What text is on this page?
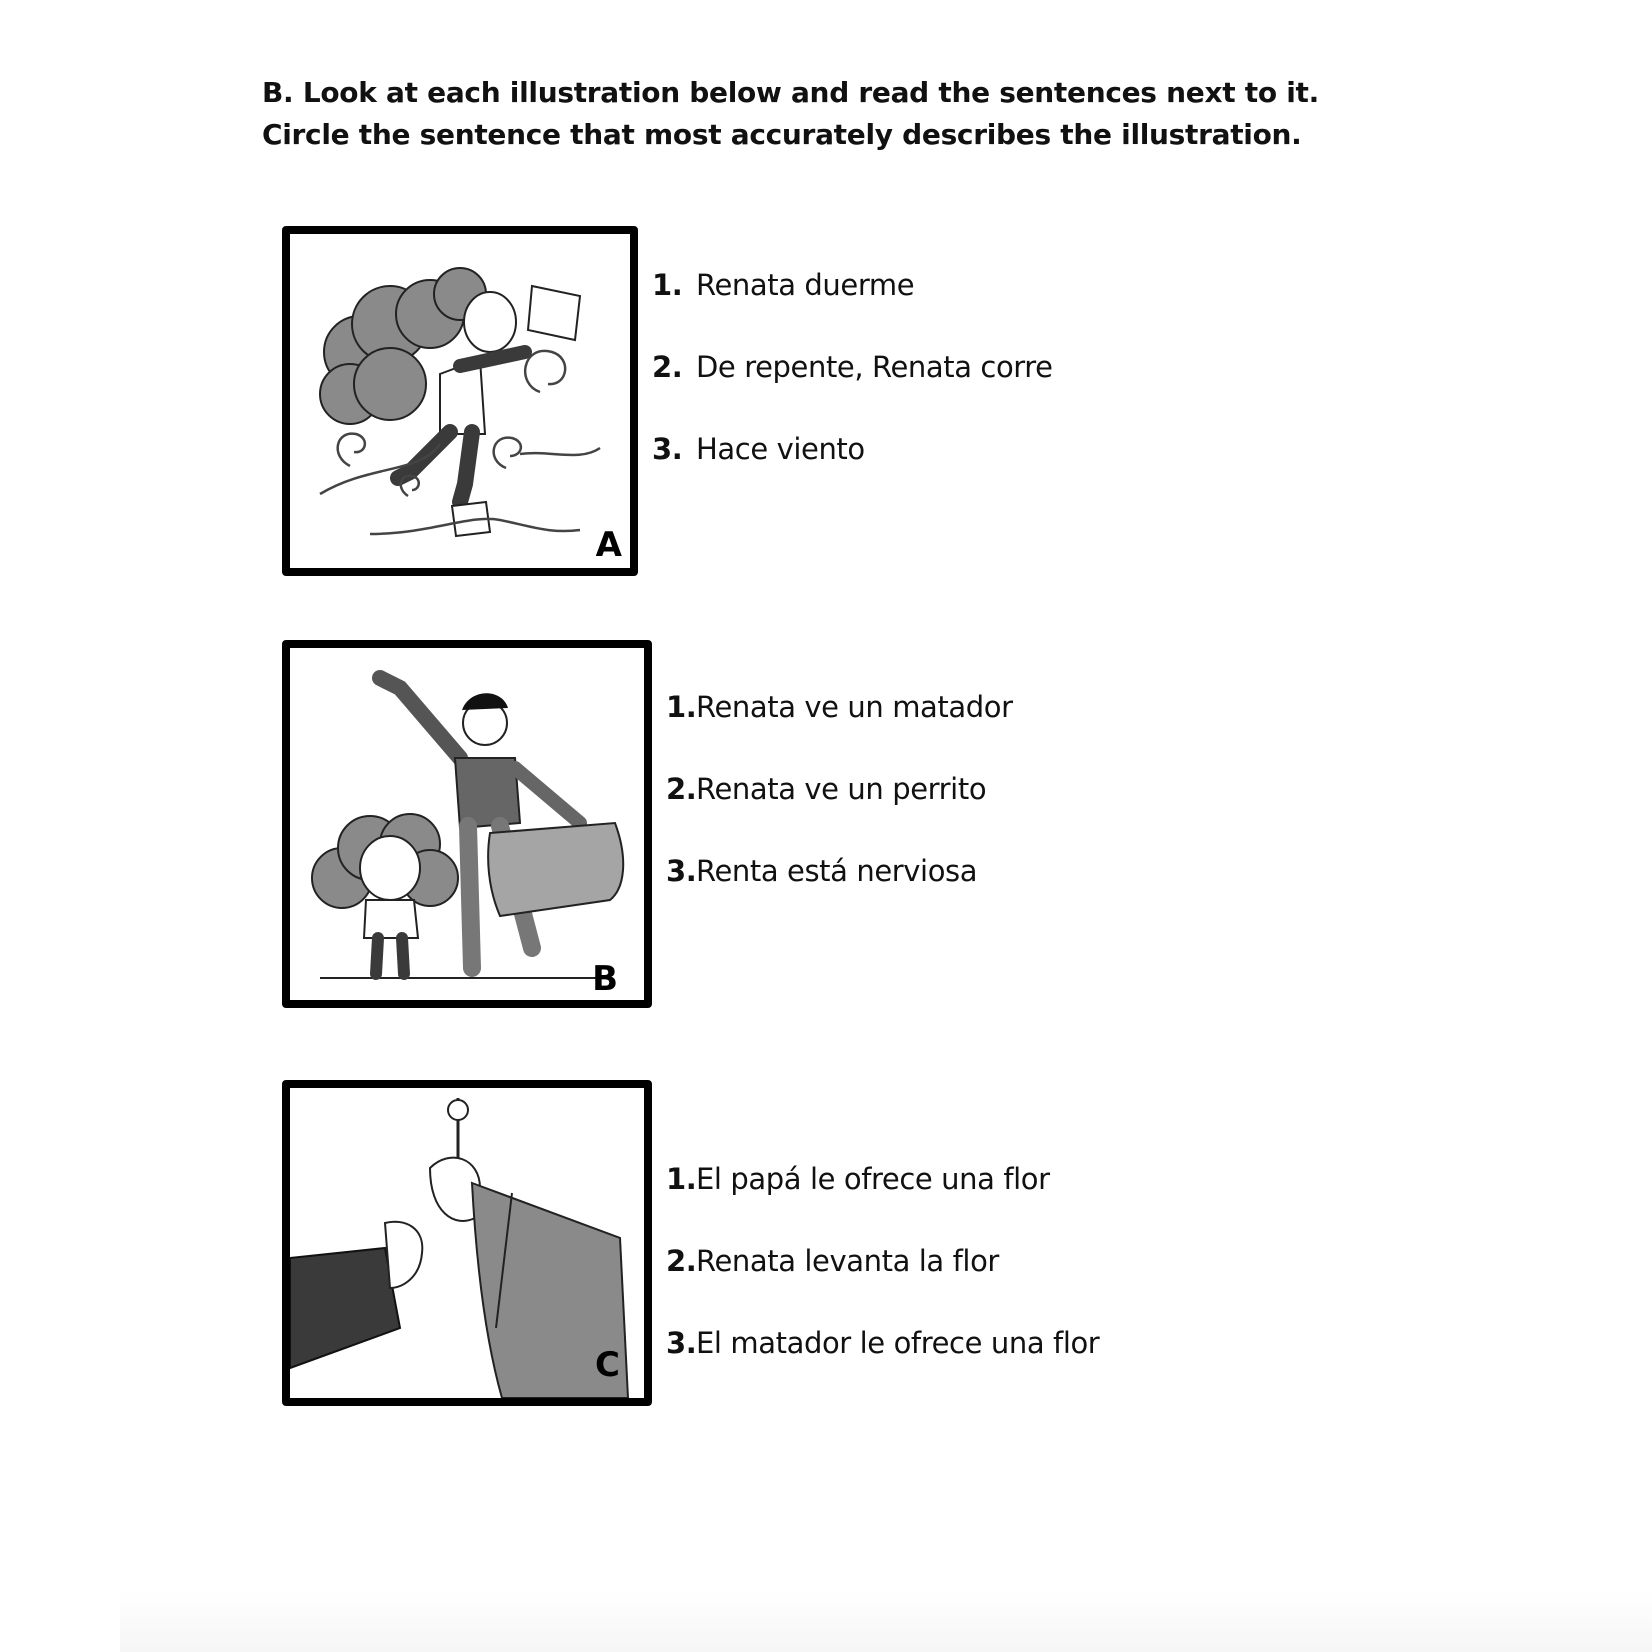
B. Look at each illustration below and read the sentences next to it. Circle the sentence that most accurately describes the illustration.

A
1. Renata duerme
2. De repente, Renata corre
3. Hace viento
B
1. Renata ve un matador
2. Renata ve un perrito
3. Renta está nerviosa
C
1. El papá le ofrece una flor
2. Renata levanta la flor
3. El matador le ofrece una flor
